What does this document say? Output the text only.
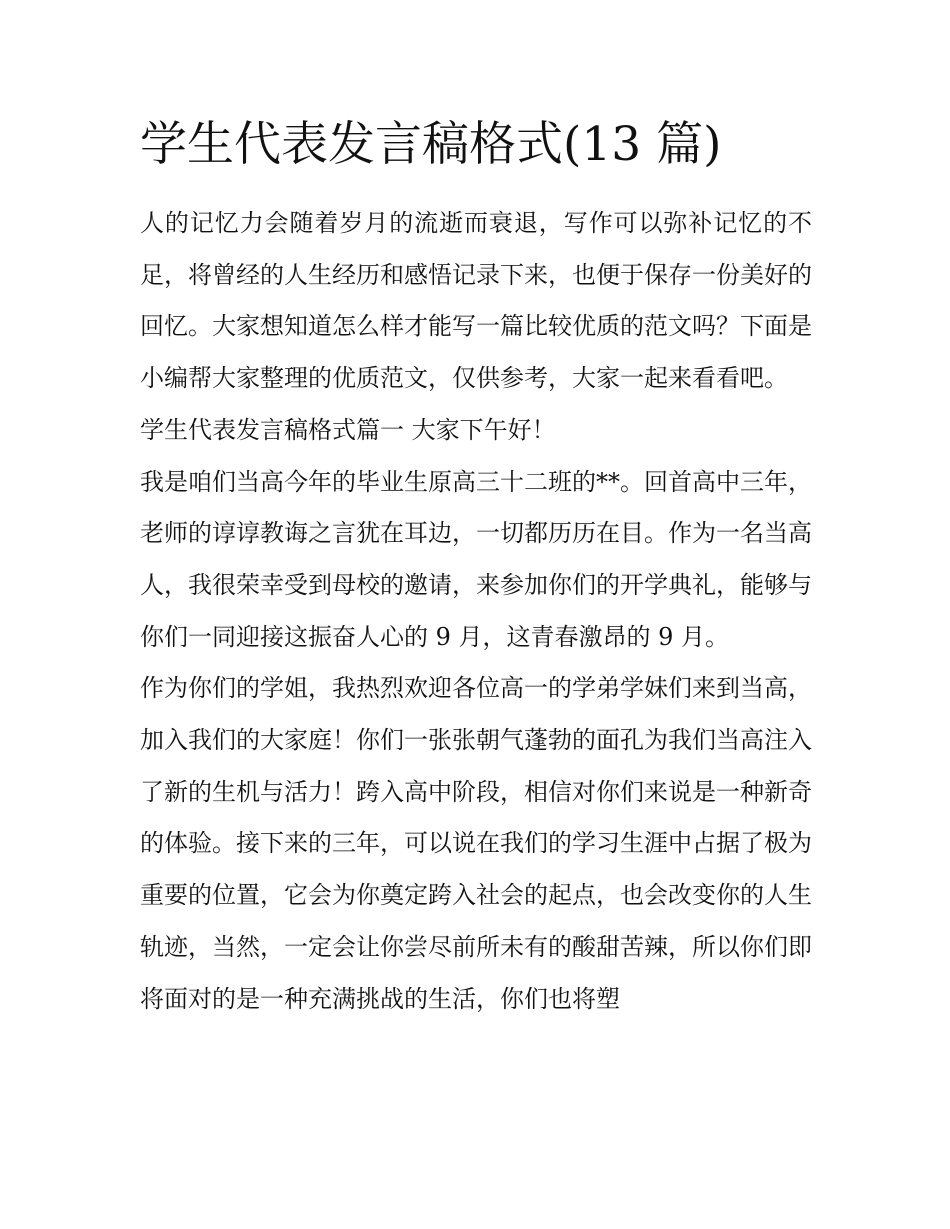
学生代表发言稿格式(13 篇)

人的记忆力会随着岁月的流逝而衰退，写作可以弥补记忆的不足，将曾经的人生经历和感悟记录下来，也便于保存一份美好的回忆。大家想知道怎么样才能写一篇比较优质的范文吗？下面是小编帮大家整理的优质范文，仅供参考，大家一起来看看吧。

学生代表发言稿格式篇一 大家下午好！

我是咱们当高今年的毕业生原高三十二班的**。回首高中三年，老师的谆谆教诲之言犹在耳边，一切都历历在目。作为一名当高人，我很荣幸受到母校的邀请，来参加你们的开学典礼，能够与你们一同迎接这振奋人心的 9 月，这青春激昂的 9 月。

作为你们的学姐，我热烈欢迎各位高一的学弟学妹们来到当高，加入我们的大家庭！你们一张张朝气蓬勃的面孔为我们当高注入了新的生机与活力！跨入高中阶段，相信对你们来说是一种新奇的体验。接下来的三年，可以说在我们的学习生涯中占据了极为重要的位置，它会为你奠定跨入社会的起点，也会改变你的人生轨迹，当然，一定会让你尝尽前所未有的酸甜苦辣，所以你们即将面对的是一种充满挑战的生活，你们也将塑
